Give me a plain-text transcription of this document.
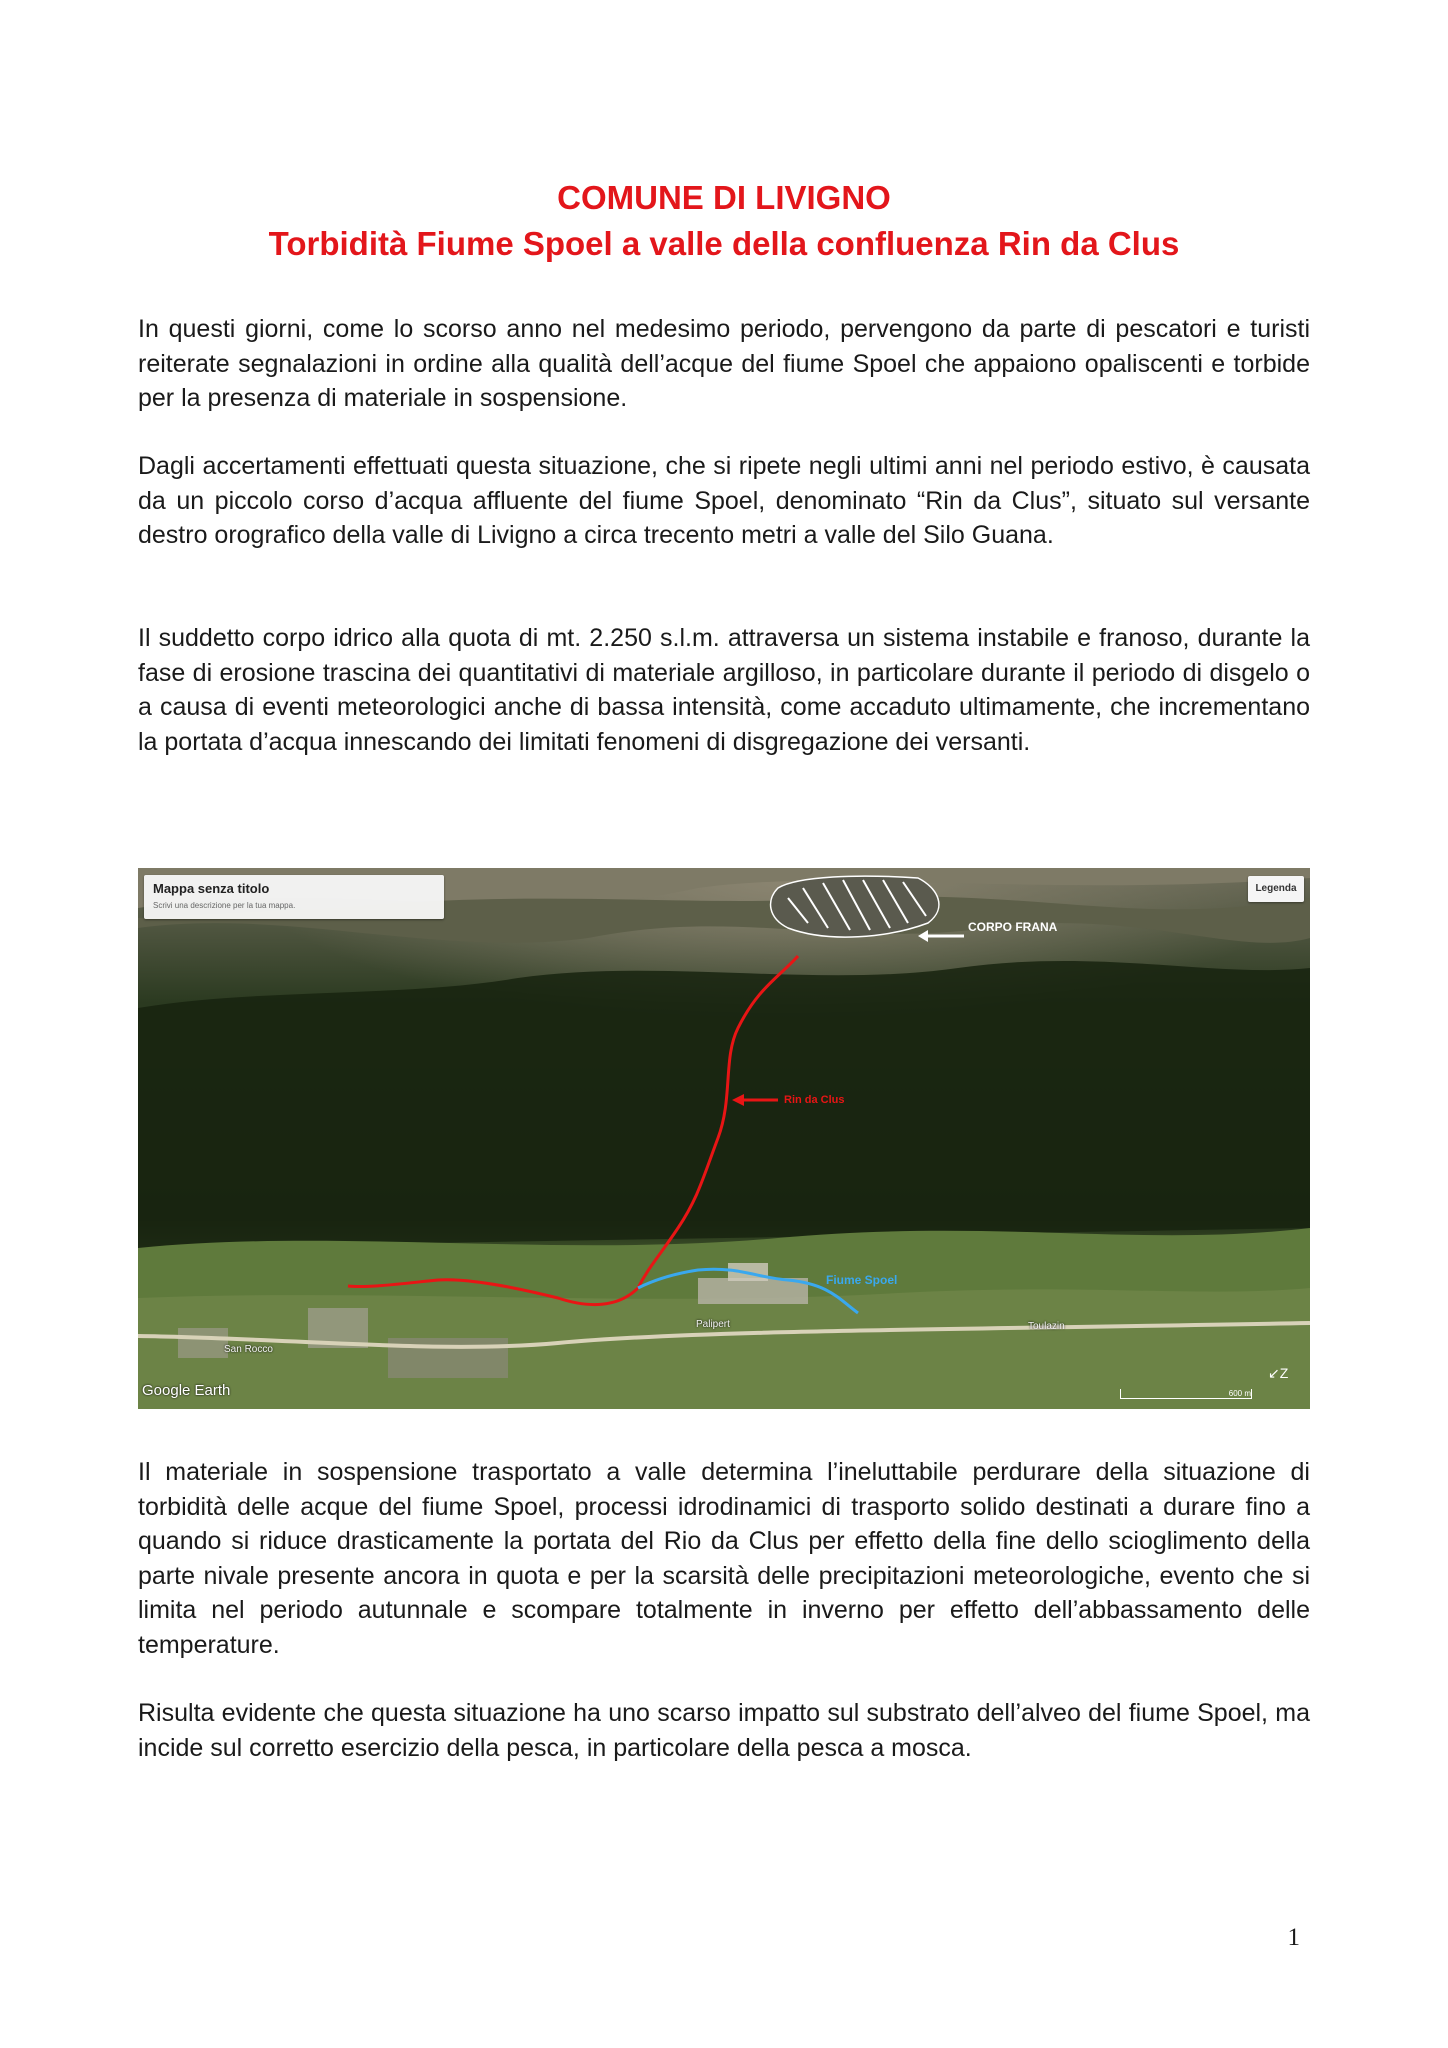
COMUNE DI LIVIGNO
Torbidità Fiume Spoel a valle della confluenza Rin da Clus

In questi giorni, come lo scorso anno nel medesimo periodo, pervengono da parte di pescatori e turisti reiterate segnalazioni in ordine alla qualità dell’acque del fiume Spoel che appaiono opaliscenti e torbide per la presenza di materiale in sospensione.

Dagli accertamenti effettuati questa situazione, che si ripete negli ultimi anni nel periodo estivo, è causata da un piccolo corso d’acqua affluente del fiume Spoel, denominato “Rin da Clus”, situato sul versante destro orografico della valle di Livigno a circa trecento metri a valle del Silo Guana.

Il suddetto corpo idrico alla quota di mt. 2.250 s.l.m. attraversa un sistema instabile e franoso, durante la fase di erosione trascina dei quantitativi di materiale argilloso, in particolare durante il periodo di disgelo o a causa di eventi meteorologici anche di bassa intensità, come accaduto ultimamente, che incrementano la portata d’acqua innescando dei limitati fenomeni di disgregazione dei versanti.

Mappa senza titolo
Scrivi una descrizione per la tua mappa.
Legenda
CORPO FRANA
Rin da Clus
Fiume Spoel
Palipert	Toulazin
San Rocco
Google Earth
↙Z
600 m

Il materiale in sospensione trasportato a valle determina l’ineluttabile perdurare della situazione di torbidità delle acque del fiume Spoel, processi idrodinamici di trasporto solido destinati a durare fino a quando si riduce drasticamente la portata del Rio da Clus per effetto della fine dello scioglimento della parte nivale presente ancora in quota e per la scarsità delle precipitazioni meteorologiche, evento che si limita nel periodo autunnale e scompare totalmente in inverno per effetto dell’abbassamento delle temperature.

Risulta evidente che questa situazione ha uno scarso impatto sul substrato dell’alveo del fiume Spoel, ma incide sul corretto esercizio della pesca, in particolare della pesca a mosca.

1
